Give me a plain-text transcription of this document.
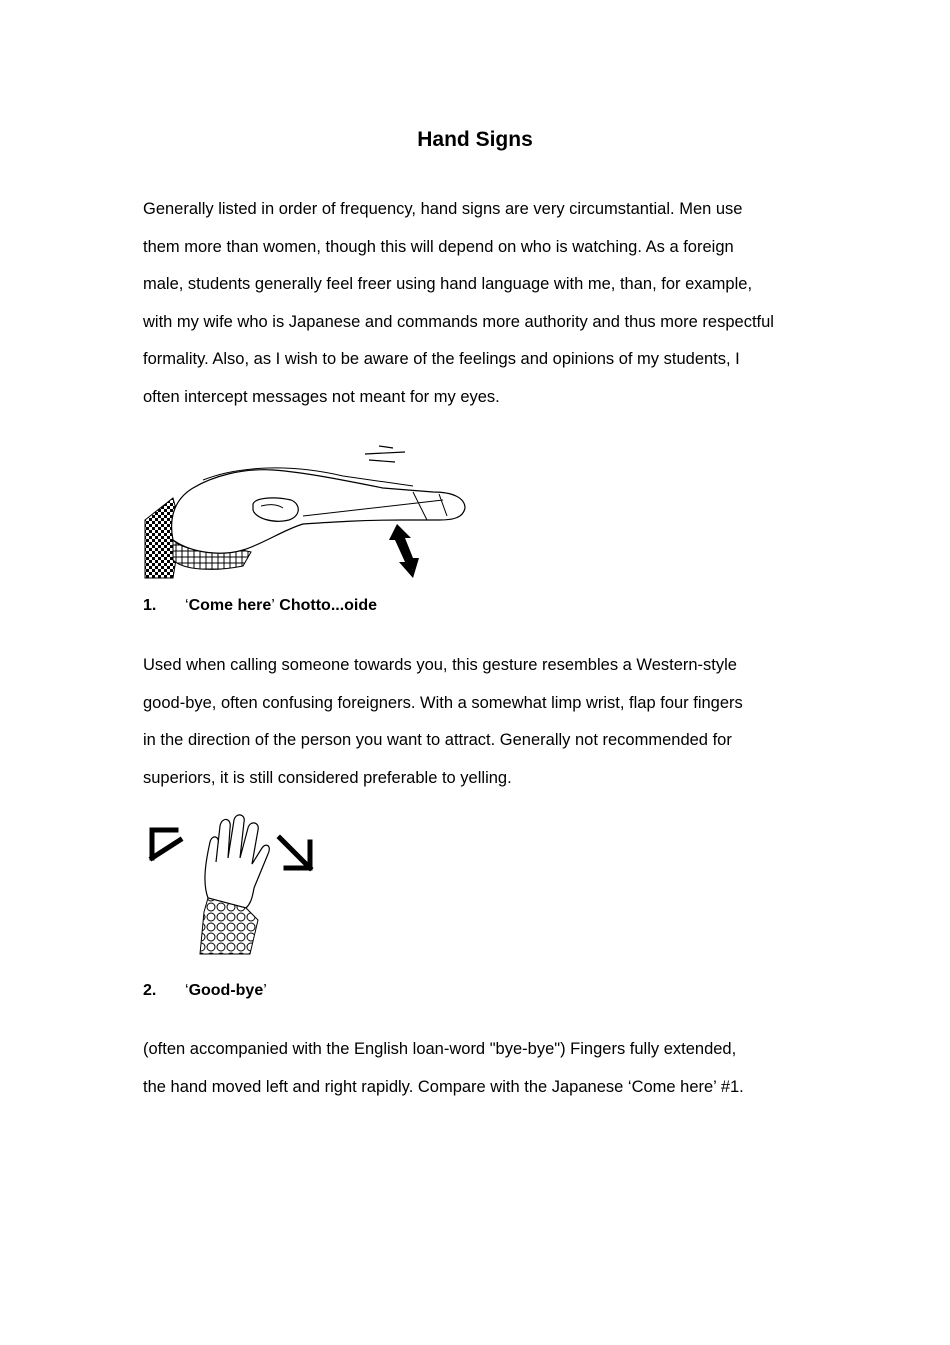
Hand Signs
Generally listed in order of frequency, hand signs are very circumstantial. Men use
them more than women, though this will depend on who is watching. As a foreign
male, students generally feel freer using hand language with me, than, for example,
with my wife who is Japanese and commands more authority and thus more respectful
formality. Also, as I wish to be aware of the feelings and opinions of my students, I
often intercept messages not meant for my eyes.
1. ‘Come here’ Chotto...oide
Used when calling someone towards you, this gesture resembles a Western-style
good-bye, often confusing foreigners. With a somewhat limp wrist, flap four fingers
in the direction of the person you want to attract. Generally not recommended for
superiors, it is still considered preferable to yelling.
2. ‘Good-bye’
(often accompanied with the English loan-word "bye-bye") Fingers fully extended,
the hand moved left and right rapidly. Compare with the Japanese ‘Come here’ #1.
